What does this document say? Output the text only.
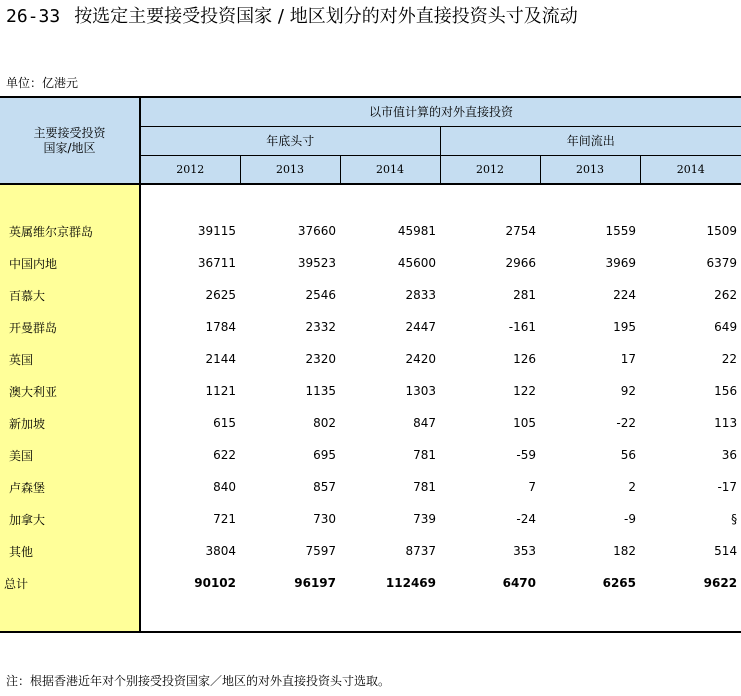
26-33 按选定主要接受投资国家 / 地区划分的对外直接投资头寸及流动
单位：亿港元
主要接受投资
国家/地区	以市值计算的对外直接投资					
	年底头寸			年间流出		
	2012	2013	2014	2012	2013	2014

英属维尔京群岛	39115	37660	45981	2754	1559	1509
中国内地	36711	39523	45600	2966	3969	6379
百慕大	2625	2546	2833	281	224	262
开曼群岛	1784	2332	2447	-161	195	649
英国	2144	2320	2420	126	17	22
澳大利亚	1121	1135	1303	122	92	156
新加坡	615	802	847	105	-22	113
美国	622	695	781	-59	56	36
卢森堡	840	857	781	7	2	-17
加拿大	721	730	739	-24	-9	§
其他	3804	7597	8737	353	182	514
总计	90102	96197	112469	6470	6265	9622

注：根据香港近年对个别接受投资国家／地区的对外直接投资头寸选取。
